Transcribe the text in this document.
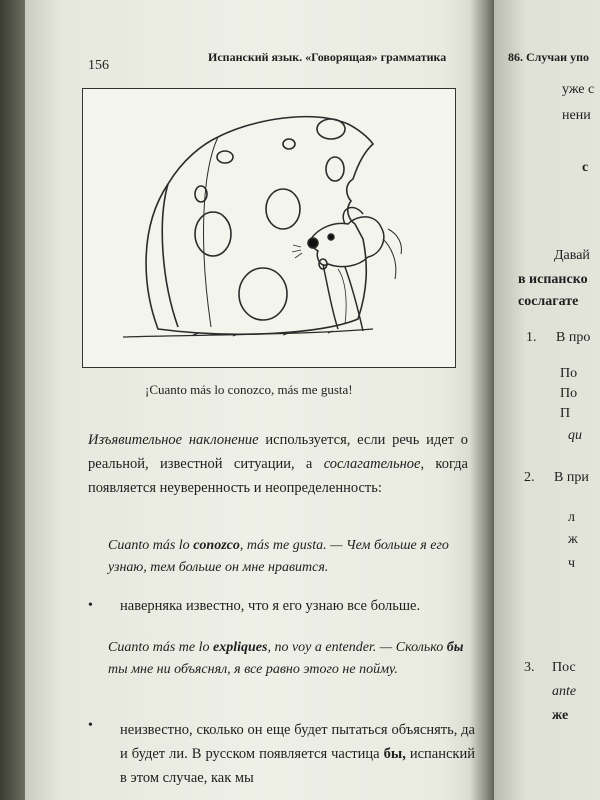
156
Испанский язык. «Говорящая» грамматика
¡Cuanto más lo conozco, más me gusta!
Изъявительное наклонение используется, если речь идет о реальной, известной ситуации, а сослагательное, когда появляется неуверенность и неопределенность:
Cuanto más lo conozco, más me gusta. — Чем больше я его узнаю, тем больше он мне нравится.
• наверняка известно, что я его узнаю все больше.
Cuanto más me lo expliques, no voy a entender. — Сколько бы ты мне ни объяснял, я все равно этого не пойму.
• неизвестно, сколько он еще будет пытаться объяснять, да и будет ли. В русском появляется частица бы, испанский в этом случае, как мы
86. Случаи упо
уже с
нени
с
Давай
в испанско
сослагате
1. В про
По
По
П
qu
2. В при
л
ж
ч
3. Пос
ante
же
